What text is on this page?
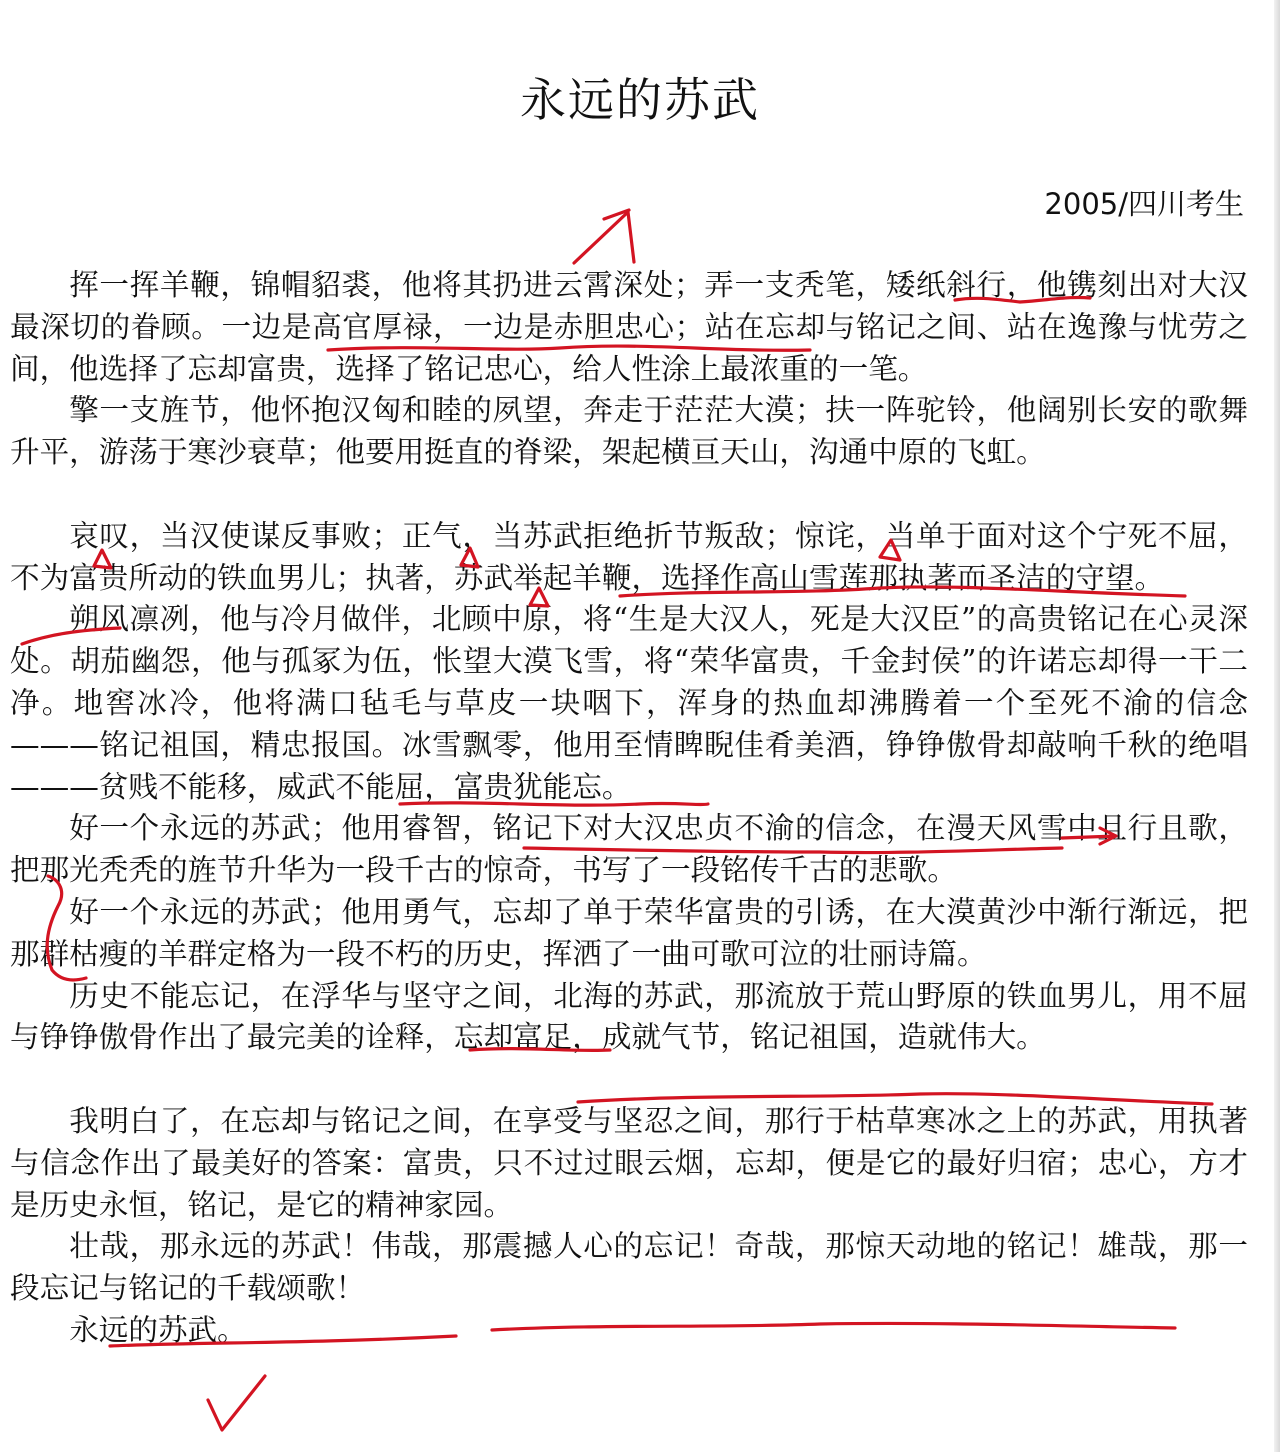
永远的苏武
2005/四川考生

挥一挥羊鞭，锦帽貂裘，他将其扔进云霄深处；弄一支秃笔，矮纸斜行，他镌刻出对大汉最深切的眷顾。一边是高官厚禄，一边是赤胆忠心；站在忘却与铭记之间、站在逸豫与忧劳之间，他选择了忘却富贵，选择了铭记忠心，给人性涂上最浓重的一笔。

擎一支旌节，他怀抱汉匈和睦的夙望，奔走于茫茫大漠；扶一阵驼铃，他阔别长安的歌舞升平，游荡于寒沙衰草；他要用挺直的脊梁，架起横亘天山，沟通中原的飞虹。

哀叹，当汉使谋反事败；正气，当苏武拒绝折节叛敌；惊诧，当单于面对这个宁死不屈，不为富贵所动的铁血男儿；执著，苏武举起羊鞭，选择作高山雪莲那执著而圣洁的守望。

朔风凛冽，他与冷月做伴，北顾中原，将“生是大汉人，死是大汉臣”的高贵铭记在心灵深处。胡茄幽怨，他与孤冢为伍，怅望大漠飞雪，将“荣华富贵，千金封侯”的许诺忘却得一干二净。地窖冰冷，他将满口毡毛与草皮一块咽下，浑身的热血却沸腾着一个至死不渝的信念———铭记祖国，精忠报国。冰雪飘零，他用至情睥睨佳肴美酒，铮铮傲骨却敲响千秋的绝唱———贫贱不能移，威武不能屈，富贵犹能忘。

好一个永远的苏武；他用睿智，铭记下对大汉忠贞不渝的信念，在漫天风雪中且行且歌，把那光秃秃的旌节升华为一段千古的惊奇，书写了一段铭传千古的悲歌。

好一个永远的苏武；他用勇气，忘却了单于荣华富贵的引诱，在大漠黄沙中渐行渐远，把那群枯瘦的羊群定格为一段不朽的历史，挥洒了一曲可歌可泣的壮丽诗篇。

历史不能忘记，在浮华与坚守之间，北海的苏武，那流放于荒山野原的铁血男儿，用不屈与铮铮傲骨作出了最完美的诠释，忘却富足，成就气节，铭记祖国，造就伟大。

我明白了，在忘却与铭记之间，在享受与坚忍之间，那行于枯草寒冰之上的苏武，用执著与信念作出了最美好的答案：富贵，只不过过眼云烟，忘却，便是它的最好归宿；忠心，方才是历史永恒，铭记，是它的精神家园。

壮哉，那永远的苏武！伟哉，那震撼人心的忘记！奇哉，那惊天动地的铭记！雄哉，那一段忘记与铭记的千载颂歌！

永远的苏武。
